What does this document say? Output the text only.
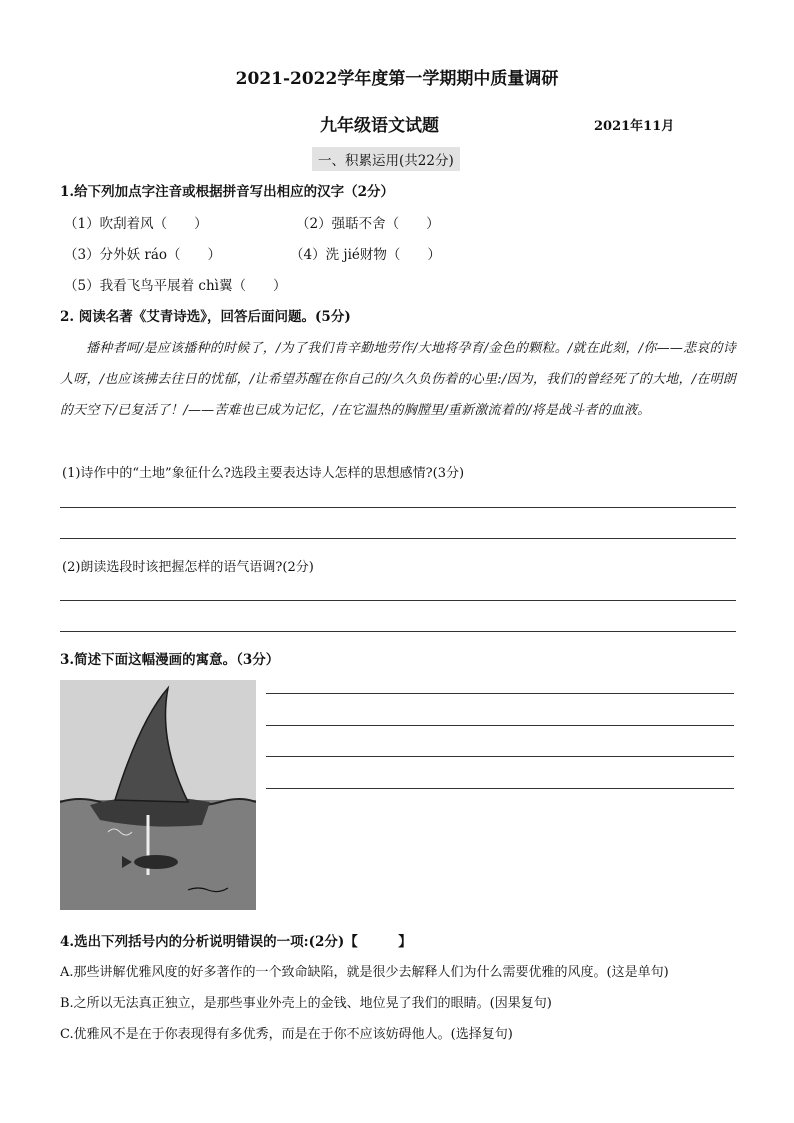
2021-2022学年度第一学期期中质量调研
九年级语文试题	2021年11月
一、积累运用(共22分)
1.给下列加点字注音或根据拼音写出相应的汉字（2分）
（1）吹刮着风（　　）	（2）强聒不舍（　　）
（3）分外妖 ráo（　　）	（4）洗 jié财物（　　）
（5）我看飞鸟平展着 chì翼（　　）
2. 阅读名著《艾青诗选》，回答后面问题。(5分)
播种者呵/是应该播种的时候了，/为了我们肯辛勤地劳作/大地将孕育/金色的颗粒。/就在此刻，/你——悲哀的诗人呀，/也应该拂去往日的忧郁，/让希望苏醒在你自己的/久久负伤着的心里:/因为，我们的曾经死了的大地，/在明朗的天空下/已复活了！/——苦难也已成为记忆，/在它温热的胸膛里/重新激流着的/将是战斗者的血液。
(1)诗作中的“土地”象征什么?选段主要表达诗人怎样的思想感情?(3分)
(2)朗读选段时该把握怎样的语气语调?(2分)
3.简述下面这幅漫画的寓意。（3分）
4.选出下列括号内的分析说明错误的一项:(2分)【　　　】
A.那些讲解优雅风度的好多著作的一个致命缺陷，就是很少去解释人们为什么需要优雅的风度。(这是单句)
B.之所以无法真正独立，是那些事业外壳上的金钱、地位晃了我们的眼睛。(因果复句)
C.优雅风不是在于你表现得有多优秀，而是在于你不应该妨碍他人。(选择复句)
